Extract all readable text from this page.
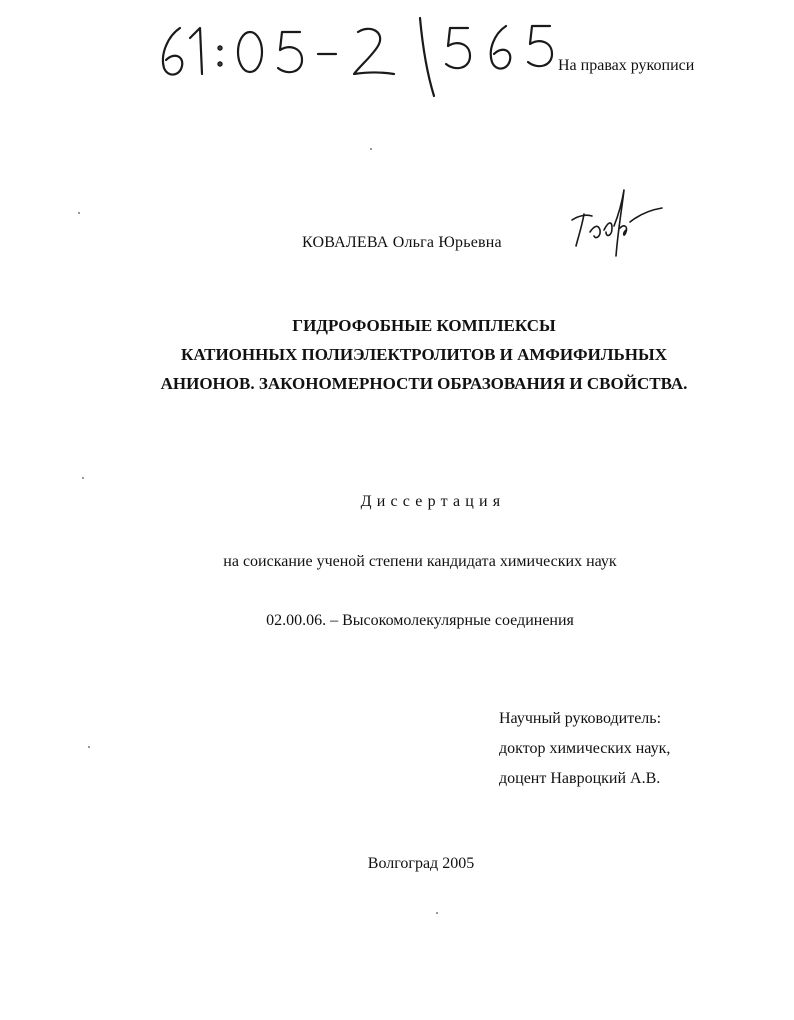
На правах рукописи
КОВАЛЕВА Ольга Юрьевна
ГИДРОФОБНЫЕ КОМПЛЕКСЫ
КАТИОННЫХ ПОЛИЭЛЕКТРОЛИТОВ И АМФИФИЛЬНЫХ
АНИОНОВ. ЗАКОНОМЕРНОСТИ ОБРАЗОВАНИЯ И СВОЙСТВА.
Диссертация
на соискание ученой степени кандидата химических наук
02.00.06. – Высокомолекулярные соединения
Научный руководитель:
доктор химических наук,
доцент Навроцкий А.В.
Волгоград 2005
